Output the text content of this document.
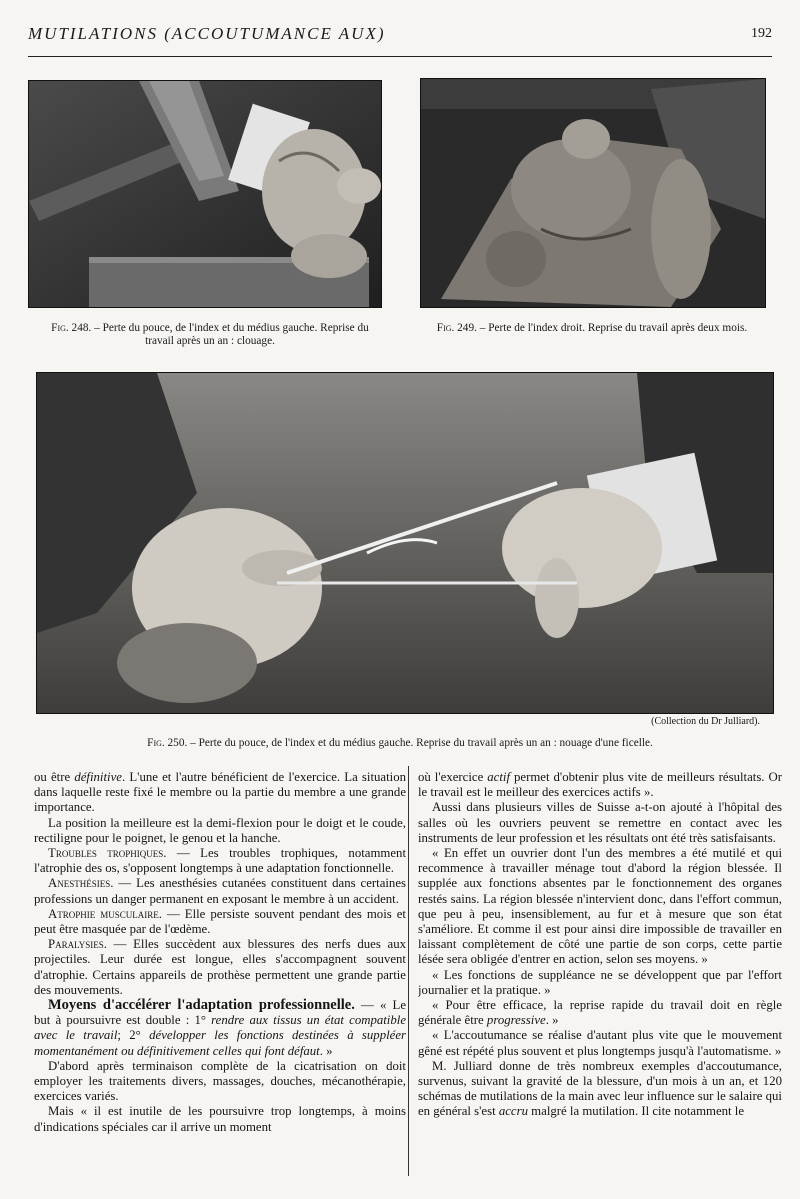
MUTILATIONS (ACCOUTUMANCE AUX)	192
Fig. 248. – Perte du pouce, de l'index et du médius gauche. Reprise du travail après un an : clouage.
Fig. 249. – Perte de l'index droit. Reprise du travail après deux mois.
(Collection du Dr Julliard).
Fig. 250. – Perte du pouce, de l'index et du médius gauche. Reprise du travail après un an : nouage d'une ficelle.

ou être définitive. L'une et l'autre bénéficient de l'exercice. La situation dans laquelle reste fixé le membre ou la partie du membre a une grande importance.

La position la meilleure est la demi-flexion pour le doigt et le coude, rectiligne pour le poignet, le genou et la hanche.

Troubles trophiques. — Les troubles trophiques, notamment l'atrophie des os, s'opposent longtemps à une adaptation fonctionnelle.

Anesthésies. — Les anesthésies cutanées constituent dans certaines professions un danger permanent en exposant le membre à un accident.

Atrophie musculaire. — Elle persiste souvent pendant des mois et peut être masquée par de l'œdème.

Paralysies. — Elles succèdent aux blessures des nerfs dues aux projectiles. Leur durée est longue, elles s'accompagnent souvent d'atrophie. Certains appareils de prothèse permettent une grande partie des mouvements.

Moyens d'accélérer l'adaptation professionnelle. — « Le but à poursuivre est double : 1° rendre aux tissus un état compatible avec le travail; 2° développer les fonctions destinées à suppléer momentanément ou définitivement celles qui font défaut. »

D'abord après terminaison complète de la cicatrisation on doit employer les traitements divers, massages, douches, mécanothérapie, exercices variés.

Mais « il est inutile de les poursuivre trop longtemps, à moins d'indications spéciales car il arrive un moment

où l'exercice actif permet d'obtenir plus vite de meilleurs résultats. Or le travail est le meilleur des exercices actifs ».

Aussi dans plusieurs villes de Suisse a-t-on ajouté à l'hôpital des salles où les ouvriers peuvent se remettre en contact avec les instruments de leur profession et les résultats ont été très satisfaisants.

« En effet un ouvrier dont l'un des membres a été mutilé et qui recommence à travailler ménage tout d'abord la région blessée. Il supplée aux fonctions absentes par le fonctionnement des organes restés sains. La région blessée n'intervient donc, dans l'effort commun, que peu à peu, insensiblement, au fur et à mesure que son état s'améliore. Et comme il est pour ainsi dire impossible de travailler en laissant complètement de côté une partie de son corps, cette partie lésée sera obligée d'entrer en action, selon ses moyens. »

« Les fonctions de suppléance ne se développent que par l'effort journalier et la pratique. »

« Pour être efficace, la reprise rapide du travail doit en règle générale être progressive. »

« L'accoutumance se réalise d'autant plus vite que le mouvement gêné est répété plus souvent et plus longtemps jusqu'à l'automatisme. »

M. Julliard donne de très nombreux exemples d'accoutumance, survenus, suivant la gravité de la blessure, d'un mois à un an, et 120 schémas de mutilations de la main avec leur influence sur le salaire qui en général s'est accru malgré la mutilation. Il cite notamment le
